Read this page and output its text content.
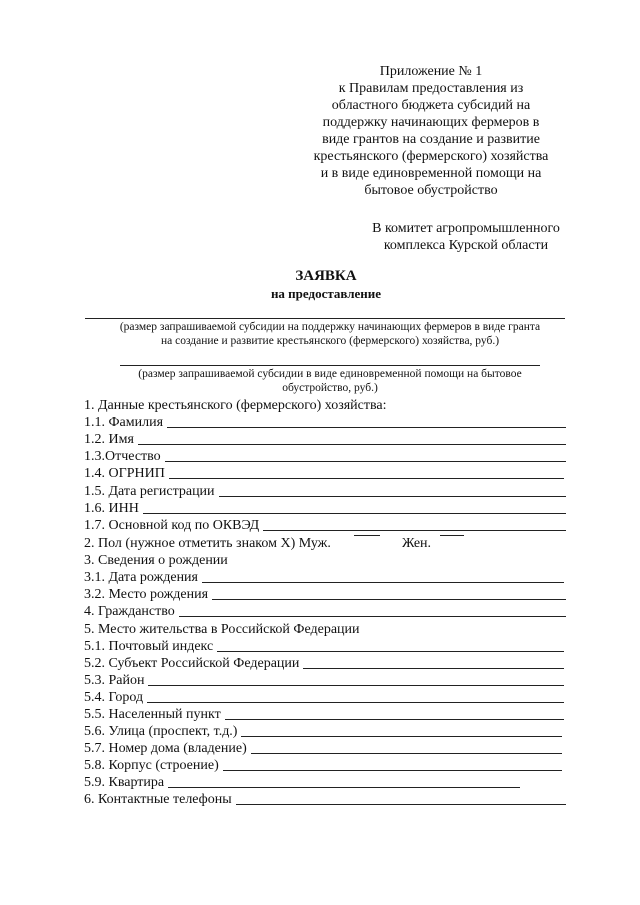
Приложение № 1
к Правилам предоставления из
областного бюджета субсидий на
поддержку начинающих фермеров в
виде грантов на создание и развитие
крестьянского (фермерского) хозяйства
и в виде единовременной помощи на
бытовое обустройство
В комитет агропромышленного
комплекса Курской области
ЗАЯВКА
на предоставление
(размер запрашиваемой субсидии на поддержку начинающих фермеров в виде гранта
на создание и развитие крестьянского (фермерского) хозяйства, руб.)
(размер запрашиваемой субсидии в виде единовременной помощи на бытовое
обустройство, руб.)
1. Данные крестьянского (фермерского) хозяйства:
1.1. Фамилия
1.2. Имя
1.3.Отчество
1.4. ОГРНИП
1.5. Дата регистрации
1.6. ИНН
1.7. Основной код по ОКВЭД
2. Пол (нужное отметить знаком Х) Муж.	Жен.
3. Сведения о рождении
3.1. Дата рождения
3.2. Место рождения
4. Гражданство
5. Место жительства в Российской Федерации
5.1. Почтовый индекс
5.2. Субъект Российской Федерации
5.3. Район
5.4. Город
5.5. Населенный пункт
5.6. Улица (проспект, т.д.)
5.7. Номер дома (владение)
5.8. Корпус (строение)
5.9. Квартира
6. Контактные телефоны
